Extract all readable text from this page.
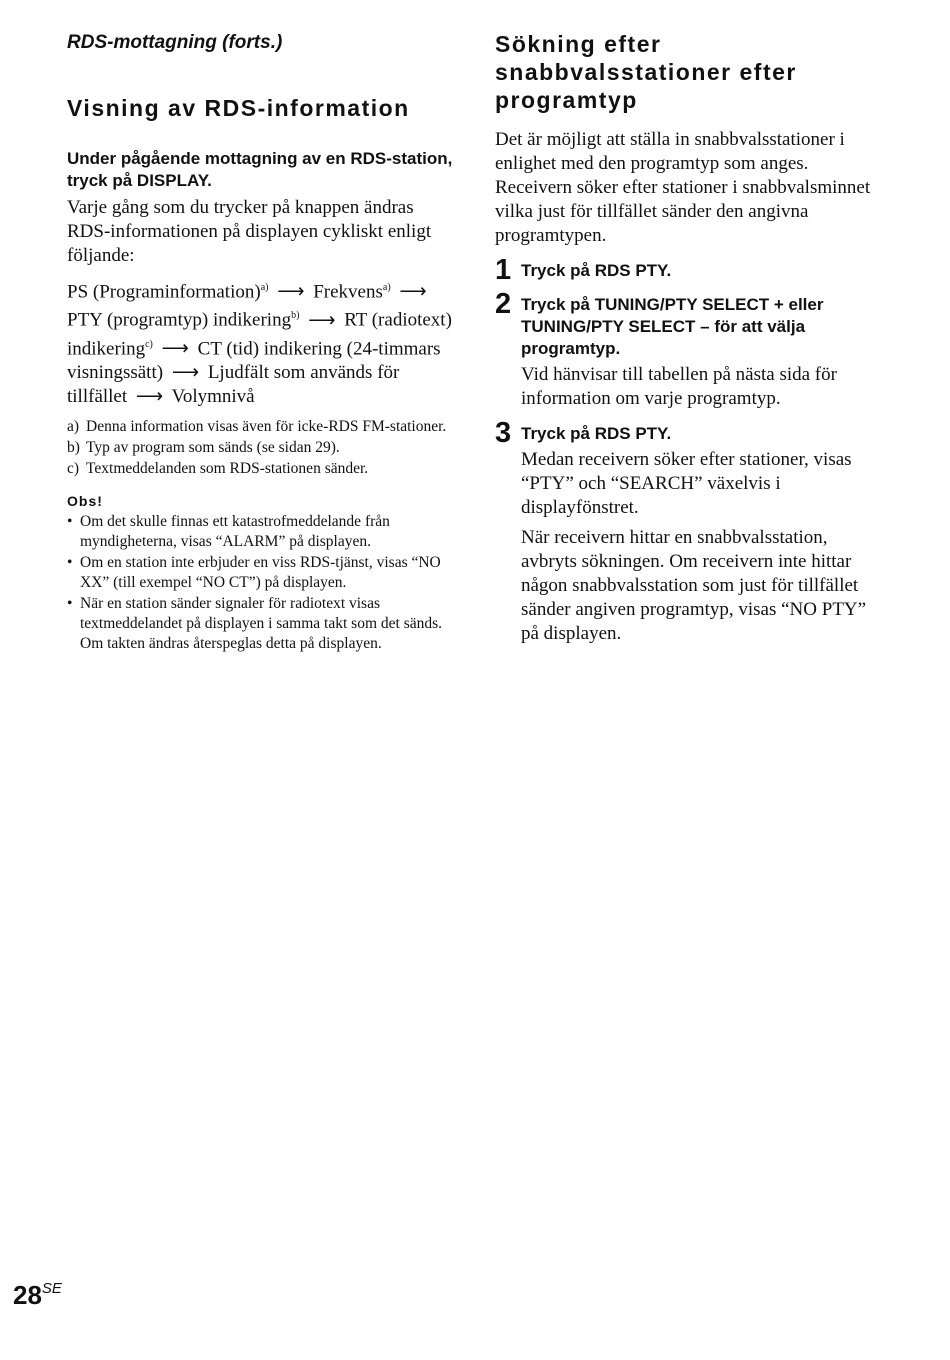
RDS-mottagning (forts.)
Visning av RDS-information

Under pågående mottagning av en RDS-station, tryck på DISPLAY.

Varje gång som du trycker på knappen ändras RDS-informationen på displayen cykliskt enligt följande:

PS (Programinformation)$^{a)}$ ⟶ Frekvens$^{a)}$ ⟶ PTY (programtyp) indikering$^{b)}$ ⟶ RT (radiotext) indikering$^{c)}$ ⟶ CT (tid) indikering (24-timmars visningssätt) ⟶ Ljudfält som används för tillfället ⟶ Volymnivå

a) Denna information visas även för icke-RDS FM-stationer.
b) Typ av program som sänds (se sidan 29).
c) Textmeddelanden som RDS-stationen sänder.
Obs!
• Om det skulle finnas ett katastrofmeddelande från myndigheterna, visas “ALARM” på displayen.
• Om en station inte erbjuder en viss RDS-tjänst, visas “NO XX” (till exempel “NO CT”) på displayen.
• När en station sänder signaler för radiotext visas textmeddelandet på displayen i samma takt som det sänds. Om takten ändras återspeglas detta på displayen.
Sökning efter snabbvalsstationer efter programtyp

Det är möjligt att ställa in snabbvalsstationer i enlighet med den programtyp som anges. Receivern söker efter stationer i snabbvalsminnet vilka just för tillfället sänder den angivna programtypen.

1 Tryck på RDS PTY.

2 Tryck på TUNING/PTY SELECT + eller TUNING/PTY SELECT – för att välja programtyp.

Vid hänvisar till tabellen på nästa sida för information om varje programtyp.

3 Tryck på RDS PTY.

Medan receivern söker efter stationer, visas “PTY” och “SEARCH” växelvis i displayfönstret.

När receivern hittar en snabbvalsstation, avbryts sökningen. Om receivern inte hittar någon snabbvalsstation som just för tillfället sänder angiven programtyp, visas “NO PTY” på displayen.

$28^{SE}$
